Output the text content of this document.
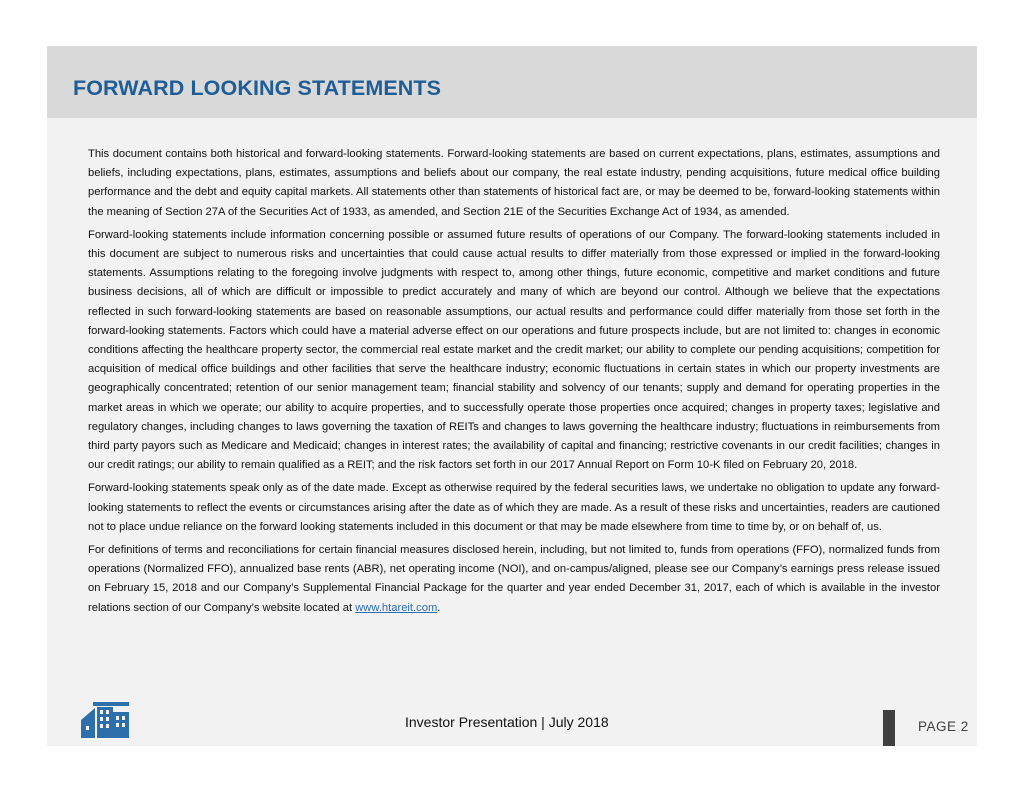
FORWARD LOOKING STATEMENTS

This document contains both historical and forward-looking statements. Forward-looking statements are based on current expectations, plans, estimates, assumptions and beliefs, including expectations, plans, estimates, assumptions and beliefs about our company, the real estate industry, pending acquisitions, future medical office building performance and the debt and equity capital markets. All statements other than statements of historical fact are, or may be deemed to be, forward-looking statements within the meaning of Section 27A of the Securities Act of 1933, as amended, and Section 21E of the Securities Exchange Act of 1934, as amended.

Forward-looking statements include information concerning possible or assumed future results of operations of our Company. The forward-looking statements included in this document are subject to numerous risks and uncertainties that could cause actual results to differ materially from those expressed or implied in the forward-looking statements. Assumptions relating to the foregoing involve judgments with respect to, among other things, future economic, competitive and market conditions and future business decisions, all of which are difficult or impossible to predict accurately and many of which are beyond our control. Although we believe that the expectations reflected in such forward-looking statements are based on reasonable assumptions, our actual results and performance could differ materially from those set forth in the forward-looking statements. Factors which could have a material adverse effect on our operations and future prospects include, but are not limited to: changes in economic conditions affecting the healthcare property sector, the commercial real estate market and the credit market; our ability to complete our pending acquisitions; competition for acquisition of medical office buildings and other facilities that serve the healthcare industry; economic fluctuations in certain states in which our property investments are geographically concentrated; retention of our senior management team; financial stability and solvency of our tenants; supply and demand for operating properties in the market areas in which we operate; our ability to acquire properties, and to successfully operate those properties once acquired; changes in property taxes; legislative and regulatory changes, including changes to laws governing the taxation of REITs and changes to laws governing the healthcare industry; fluctuations in reimbursements from third party payors such as Medicare and Medicaid; changes in interest rates; the availability of capital and financing; restrictive covenants in our credit facilities; changes in our credit ratings; our ability to remain qualified as a REIT; and the risk factors set forth in our 2017 Annual Report on Form 10-K filed on February 20, 2018.

Forward-looking statements speak only as of the date made. Except as otherwise required by the federal securities laws, we undertake no obligation to update any forward-looking statements to reflect the events or circumstances arising after the date as of which they are made. As a result of these risks and uncertainties, readers are cautioned not to place undue reliance on the forward looking statements included in this document or that may be made elsewhere from time to time by, or on behalf of, us.

For definitions of terms and reconciliations for certain financial measures disclosed herein, including, but not limited to, funds from operations (FFO), normalized funds from operations (Normalized FFO), annualized base rents (ABR), net operating income (NOI), and on-campus/aligned, please see our Company’s earnings press release issued on February 15, 2018 and our Company’s Supplemental Financial Package for the quarter and year ended December 31, 2017, each of which is available in the investor relations section of our Company’s website located at www.htareit.com.

Investor Presentation | July 2018	PAGE 2
